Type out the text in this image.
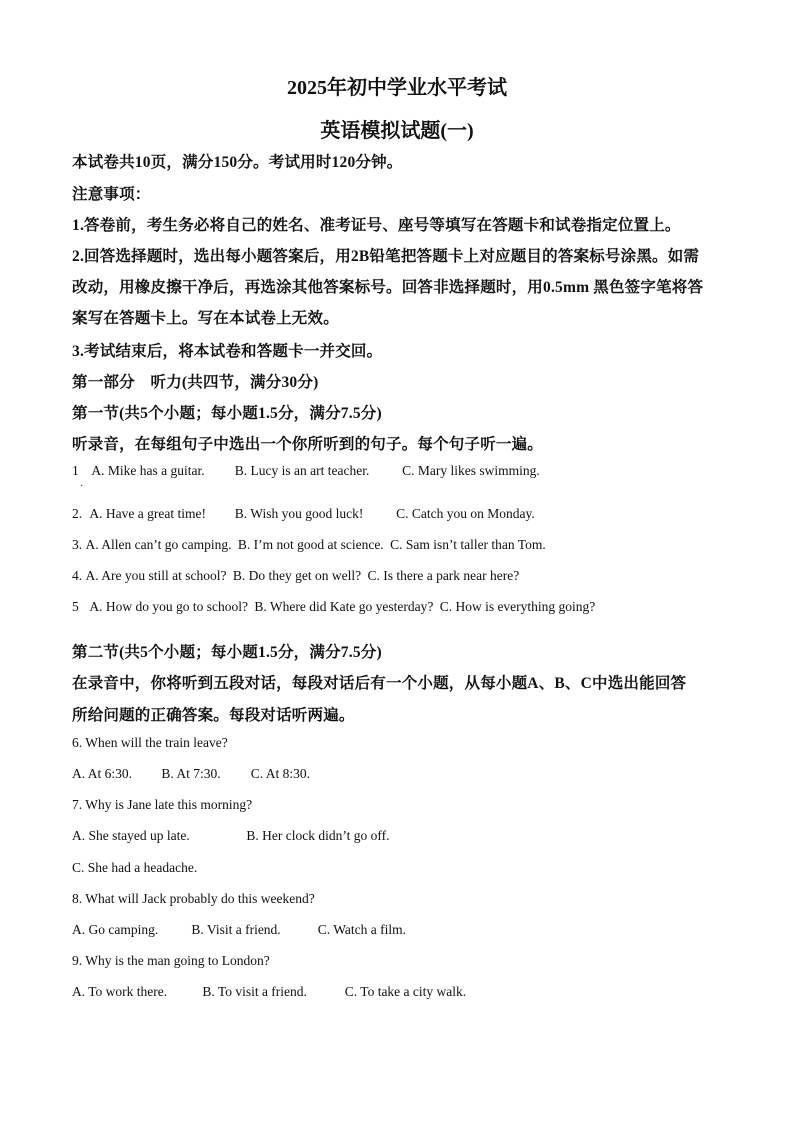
2025年初中学业水平考试
英语模拟试题(一)
本试卷共10页，满分150分。考试用时120分钟。
注意事项：
1.答卷前，考生务必将自己的姓名、准考证号、座号等填写在答题卡和试卷指定位置上。
2.回答选择题时，选出每小题答案后，用2B铅笔把答题卡上对应题目的答案标号涂黑。如需
改动，用橡皮擦干净后，再选涂其他答案标号。回答非选择题时，用0.5mm 黑色签字笔将答
案写在答题卡上。写在本试卷上无效。
3.考试结束后，将本试卷和答题卡一并交回。
第一部分　听力(共四节，满分30分)
第一节(共5个小题；每小题1.5分，满分7.5分)
听录音，在每组句子中选出一个你所听到的句子。每个句子听一遍。
1 A. Mike has a guitar. B. Lucy is an art teacher. C. Mary likes swimming.
·
2. A. Have a great time! B. Wish you good luck! C. Catch you on Monday.
3. A. Allen can’t go camping. B. I’m not good at science. C. Sam isn’t taller than Tom.
4. A. Are you still at school? B. Do they get on well? C. Is there a park near here?
5 A. How do you go to school? B. Where did Kate go yesterday? C. How is everything going?
第二节(共5个小题；每小题1.5分，满分7.5分)
在录音中，你将听到五段对话，每段对话后有一个小题，从每小题A、B、C中选出能回答
所给问题的正确答案。每段对话听两遍。
6. When will the train leave?
A. At 6:30. B. At 7:30. C. At 8:30.
7. Why is Jane late this morning?
A. She stayed up late.	B. Her clock didn’t go off.
C. She had a headache.
8. What will Jack probably do this weekend?
A. Go camping. B. Visit a friend.	C. Watch a film.
9. Why is the man going to London?
A. To work there.	B. To visit a friend.	C. To take a city walk.
